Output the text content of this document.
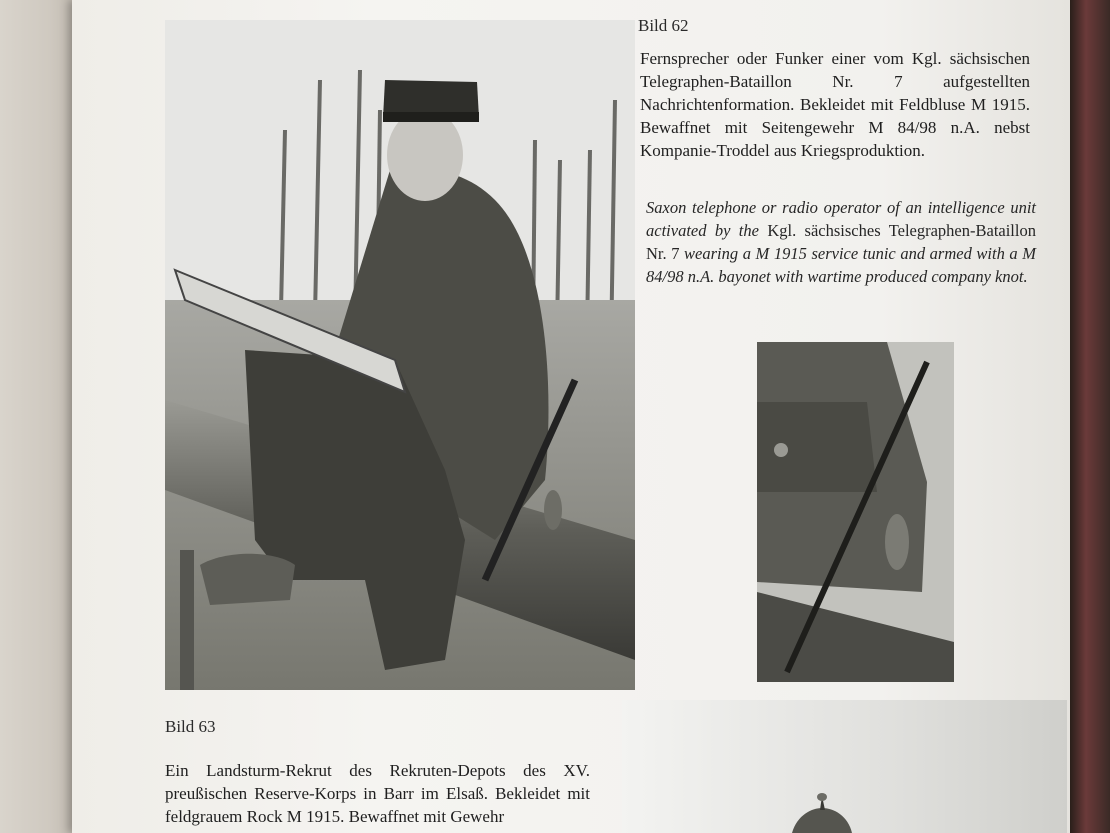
Bild 62
Fernsprecher oder Funker einer vom Kgl. sächsischen Telegraphen-Bataillon Nr. 7 aufgestellten Nachrichtenformation. Bekleidet mit Feldbluse M 1915. Bewaffnet mit Seitengewehr M 84/98 n.A. nebst Kompanie-Troddel aus Kriegsproduktion.
Saxon telephone or radio operator of an intelligence unit activated by the Kgl. sächsisches Telegraphen-Bataillon Nr. 7 wearing a M 1915 service tunic and armed with a M 84/98 n.A. bayonet with wartime produced company knot.
Bild 63
Ein Landsturm-Rekrut des Rekruten-Depots des XV. preußischen Reserve-Korps in Barr im Elsaß. Bekleidet mit feldgrauem Rock M 1915. Bewaffnet mit Gewehr
